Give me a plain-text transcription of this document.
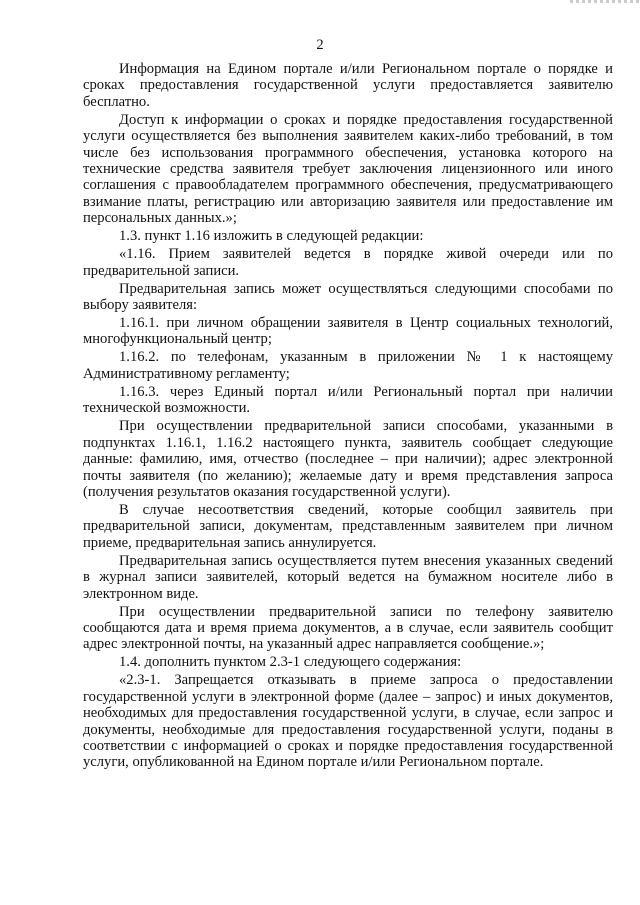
2

Информация на Едином портале и/или Региональном портале о порядке и сроках предоставления государственной услуги предоставляется заявителю бесплатно.

Доступ к информации о сроках и порядке предоставления государственной услуги осуществляется без выполнения заявителем каких-либо требований, в том числе без использования программного обеспечения, установка которого на технические средства заявителя требует заключения лицензионного или иного соглашения с правообладателем программного обеспечения, предусматривающего взимание платы, регистрацию или авторизацию заявителя или предоставление им персональных данных.»;

1.3. пункт 1.16 изложить в следующей редакции:

«1.16. Прием заявителей ведется в порядке живой очереди или по предварительной записи.

Предварительная запись может осуществляться следующими способами по выбору заявителя:

1.16.1. при личном обращении заявителя в Центр социальных технологий, многофункциональный центр;

1.16.2. по телефонам, указанным в приложении № 1 к настоящему Административному регламенту;

1.16.3. через Единый портал и/или Региональный портал при наличии технической возможности.

При осуществлении предварительной записи способами, указанными в подпунктах 1.16.1, 1.16.2 настоящего пункта, заявитель сообщает следующие данные: фамилию, имя, отчество (последнее – при наличии); адрес электронной почты заявителя (по желанию); желаемые дату и время представления запроса (получения результатов оказания государственной услуги).

В случае несоответствия сведений, которые сообщил заявитель при предварительной записи, документам, представленным заявителем при личном приеме, предварительная запись аннулируется.

Предварительная запись осуществляется путем внесения указанных сведений в журнал записи заявителей, который ведется на бумажном носителе либо в электронном виде.

При осуществлении предварительной записи по телефону заявителю сообщаются дата и время приема документов, а в случае, если заявитель сообщит адрес электронной почты, на указанный адрес направляется сообщение.»;

1.4. дополнить пунктом 2.3-1 следующего содержания:

«2.3-1. Запрещается отказывать в приеме запроса о предоставлении государственной услуги в электронной форме (далее – запрос) и иных документов, необходимых для предоставления государственной услуги, в случае, если запрос и документы, необходимые для предоставления государственной услуги, поданы в соответствии с информацией о сроках и порядке предоставления государственной услуги, опубликованной на Едином портале и/или Региональном портале.
